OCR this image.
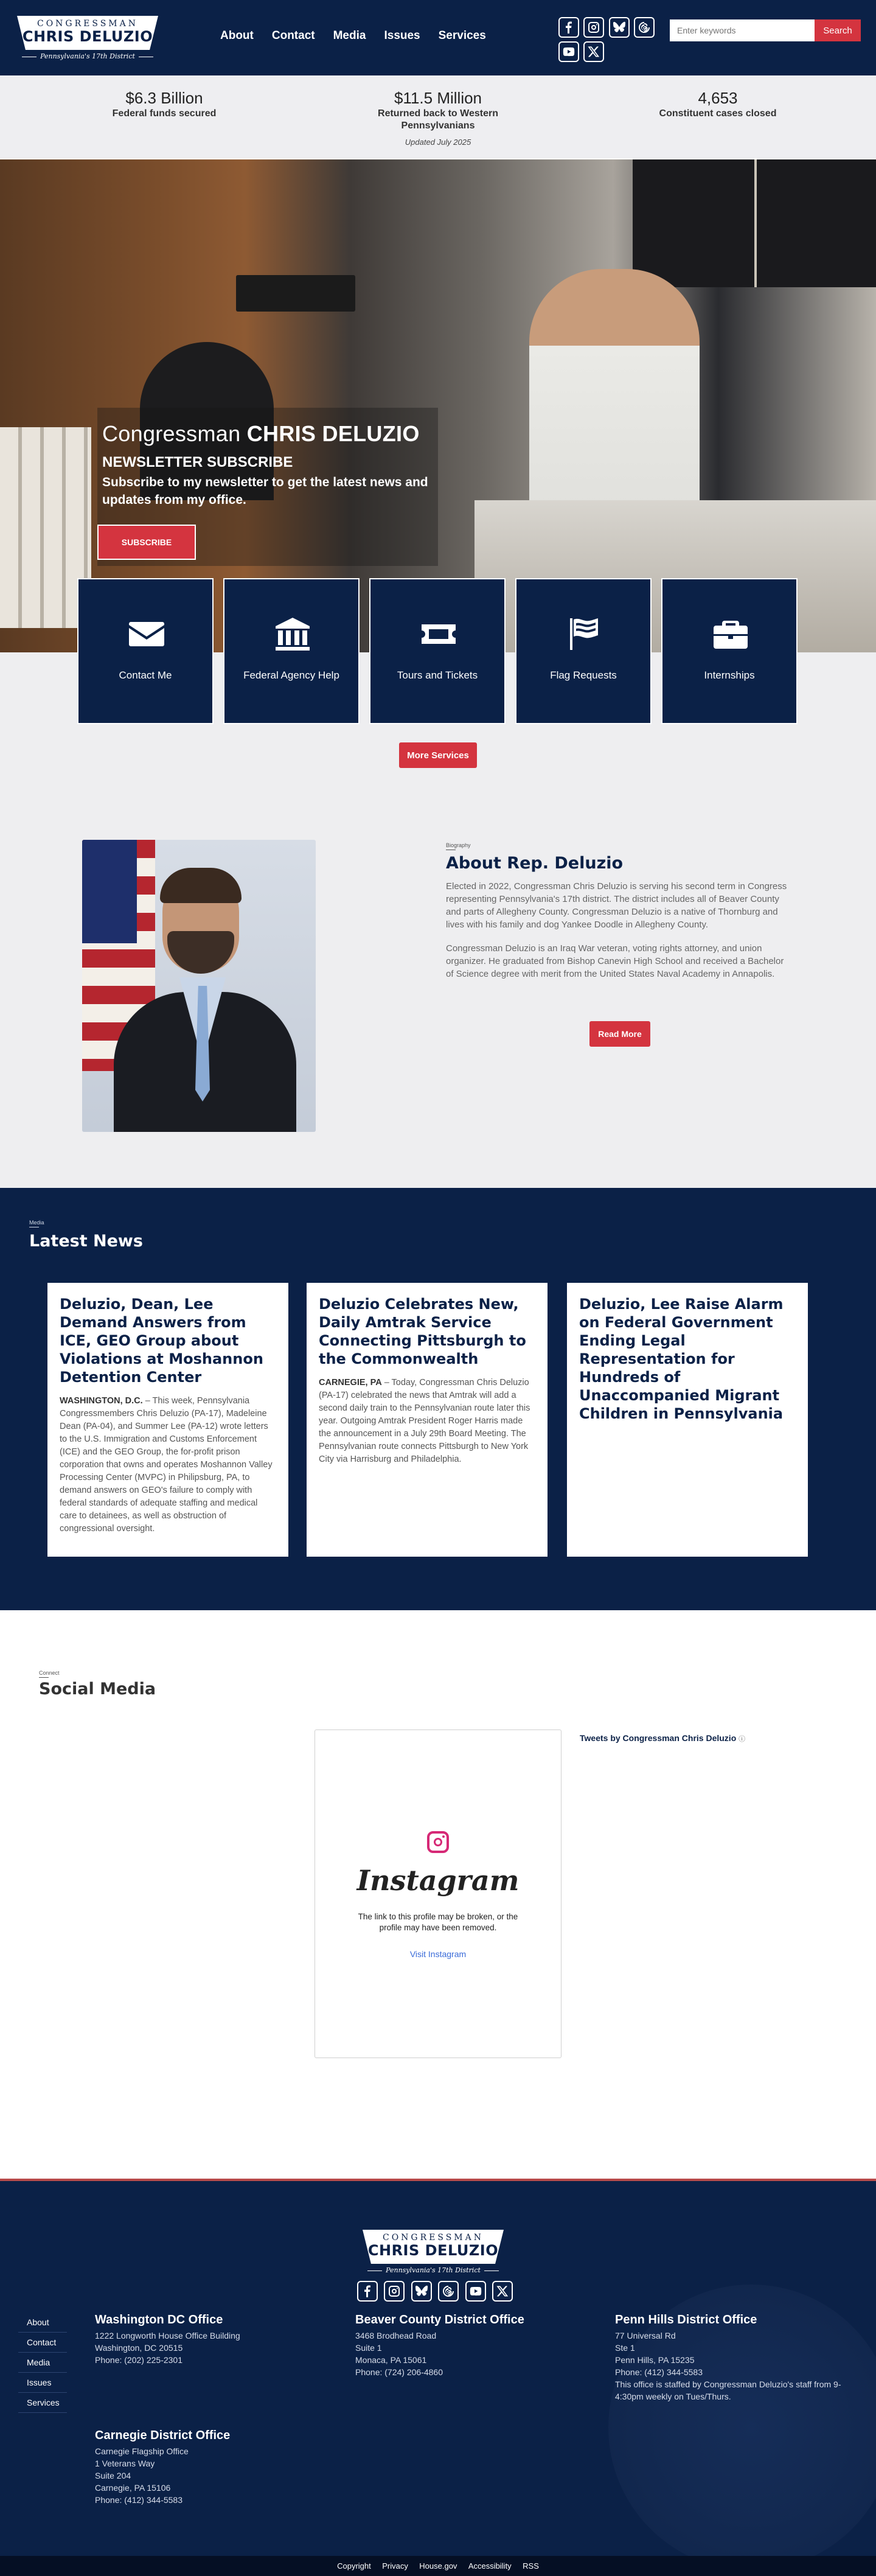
CONGRESSMAN
CHRIS DELUZIO
Pennsylvania's 17th District
About Contact Media Issues Services

Enter keywords	Search
$6.3 Billion
Federal funds secured
$11.5 Million
Returned back to Western Pennsylvanians
4,653
Constituent cases closed
Updated July 2025
Congressman CHRIS DELUZIO
NEWSLETTER SUBSCRIBE
Subscribe to my newsletter to get the latest news and updates from my office.
SUBSCRIBE
Contact Me	Federal Agency Help	Tours and Tickets	Flag Requests	Internships
More Services
Biography
About Rep. Deluzio

Elected in 2022, Congressman Chris Deluzio is serving his second term in Congress representing Pennsylvania's 17th district. The district includes all of Beaver County and parts of Allegheny County. Congressman Deluzio is a native of Thornburg and lives with his family and dog Yankee Doodle in Allegheny County.

Congressman Deluzio is an Iraq War veteran, voting rights attorney, and union organizer. He graduated from Bishop Canevin High School and received a Bachelor of Science degree with merit from the United States Naval Academy in Annapolis.

Read More
Media
Latest News
Deluzio, Dean, Lee Demand Answers from ICE, GEO Group about Violations at Moshannon Detention Center

WASHINGTON, D.C. – This week, Pennsylvania Congressmembers Chris Deluzio (PA-17), Madeleine Dean (PA-04), and Summer Lee (PA-12) wrote letters to the U.S. Immigration and Customs Enforcement (ICE) and the GEO Group, the for-profit prison corporation that owns and operates Moshannon Valley Processing Center (MVPC) in Philipsburg, PA, to demand answers on GEO's failure to comply with federal standards of adequate staffing and medical care to detainees, as well as obstruction of congressional oversight.

Deluzio Celebrates New, Daily Amtrak Service Connecting Pittsburgh to the Commonwealth

CARNEGIE, PA – Today, Congressman Chris Deluzio (PA-17) celebrated the news that Amtrak will add a second daily train to the Pennsylvanian route later this year. Outgoing Amtrak President Roger Harris made the announcement in a July 29th Board Meeting. The Pennsylvanian route connects Pittsburgh to New York City via Harrisburg and Philadelphia.

Deluzio, Lee Raise Alarm on Federal Government Ending Legal Representation for Hundreds of Unaccompanied Migrant Children in Pennsylvania

Connect
Social Media
Instagram
The link to this profile may be broken, or the profile may have been removed.
Visit Instagram
Tweets by Congressman Chris Deluzio ⓘ
CONGRESSMAN
CHRIS DELUZIO
Pennsylvania's 17th District

About
Contact
Media
Issues
Services
Washington DC Office
1222 Longworth House Office Building
Washington, DC 20515
Phone: (202) 225-2301
Beaver County District Office
3468 Brodhead Road
Suite 1
Monaca, PA 15061
Phone: (724) 206-4860
Penn Hills District Office
77 Universal Rd
Ste 1
Penn Hills, PA 15235
Phone: (412) 344-5583
This office is staffed by Congressman Deluzio's staff from 9-4:30pm weekly on Tues/Thurs.
Carnegie District Office
Carnegie Flagship Office
1 Veterans Way
Suite 204
Carnegie, PA 15106
Phone: (412) 344-5583
Copyright Privacy House.gov Accessibility RSS
